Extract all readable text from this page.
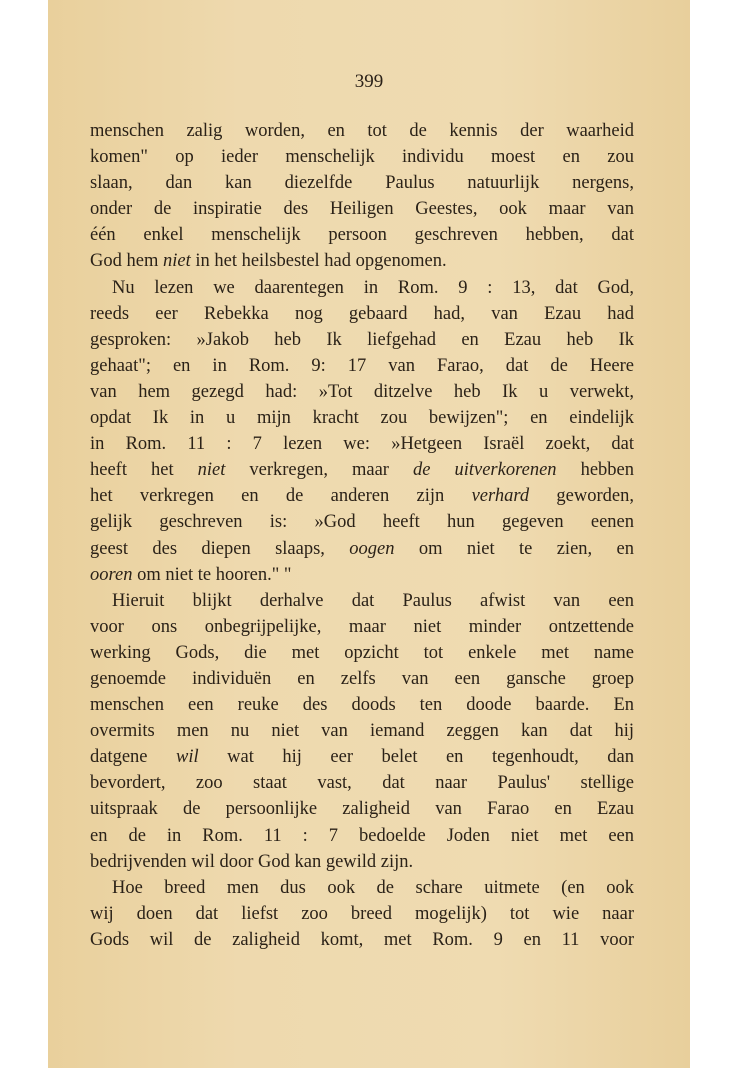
399
menschen zalig worden, en tot de kennis der waarheid
komen" op ieder menschelijk individu moest en zou
slaan, dan kan diezelfde Paulus natuurlijk nergens,
onder de inspiratie des Heiligen Geestes, ook maar van
één enkel menschelijk persoon geschreven hebben, dat
God hem niet in het heilsbestel had opgenomen.
Nu lezen we daarentegen in Rom. 9 : 13, dat God,
reeds eer Rebekka nog gebaard had, van Ezau had
gesproken: »Jakob heb Ik liefgehad en Ezau heb Ik
gehaat"; en in Rom. 9: 17 van Farao, dat de Heere
van hem gezegd had: »Tot ditzelve heb Ik u verwekt,
opdat Ik in u mijn kracht zou bewijzen"; en eindelijk
in Rom. 11 : 7 lezen we: »Hetgeen Israël zoekt, dat
heeft het niet verkregen, maar de uitverkorenen hebben
het verkregen en de anderen zijn verhard geworden,
gelijk geschreven is: »God heeft hun gegeven eenen
geest des diepen slaaps, oogen om niet te zien, en
ooren om niet te hooren." "
Hieruit blijkt derhalve dat Paulus afwist van een
voor ons onbegrijpelijke, maar niet minder ontzettende
werking Gods, die met opzicht tot enkele met name
genoemde individuën en zelfs van een gansche groep
menschen een reuke des doods ten doode baarde. En
overmits men nu niet van iemand zeggen kan dat hij
datgene wil wat hij eer belet en tegenhoudt, dan
bevordert, zoo staat vast, dat naar Paulus' stellige
uitspraak de persoonlijke zaligheid van Farao en Ezau
en de in Rom. 11 : 7 bedoelde Joden niet met een
bedrijvenden wil door God kan gewild zijn.
Hoe breed men dus ook de schare uitmete (en ook
wij doen dat liefst zoo breed mogelijk) tot wie naar
Gods wil de zaligheid komt, met Rom. 9 en 11 voor
